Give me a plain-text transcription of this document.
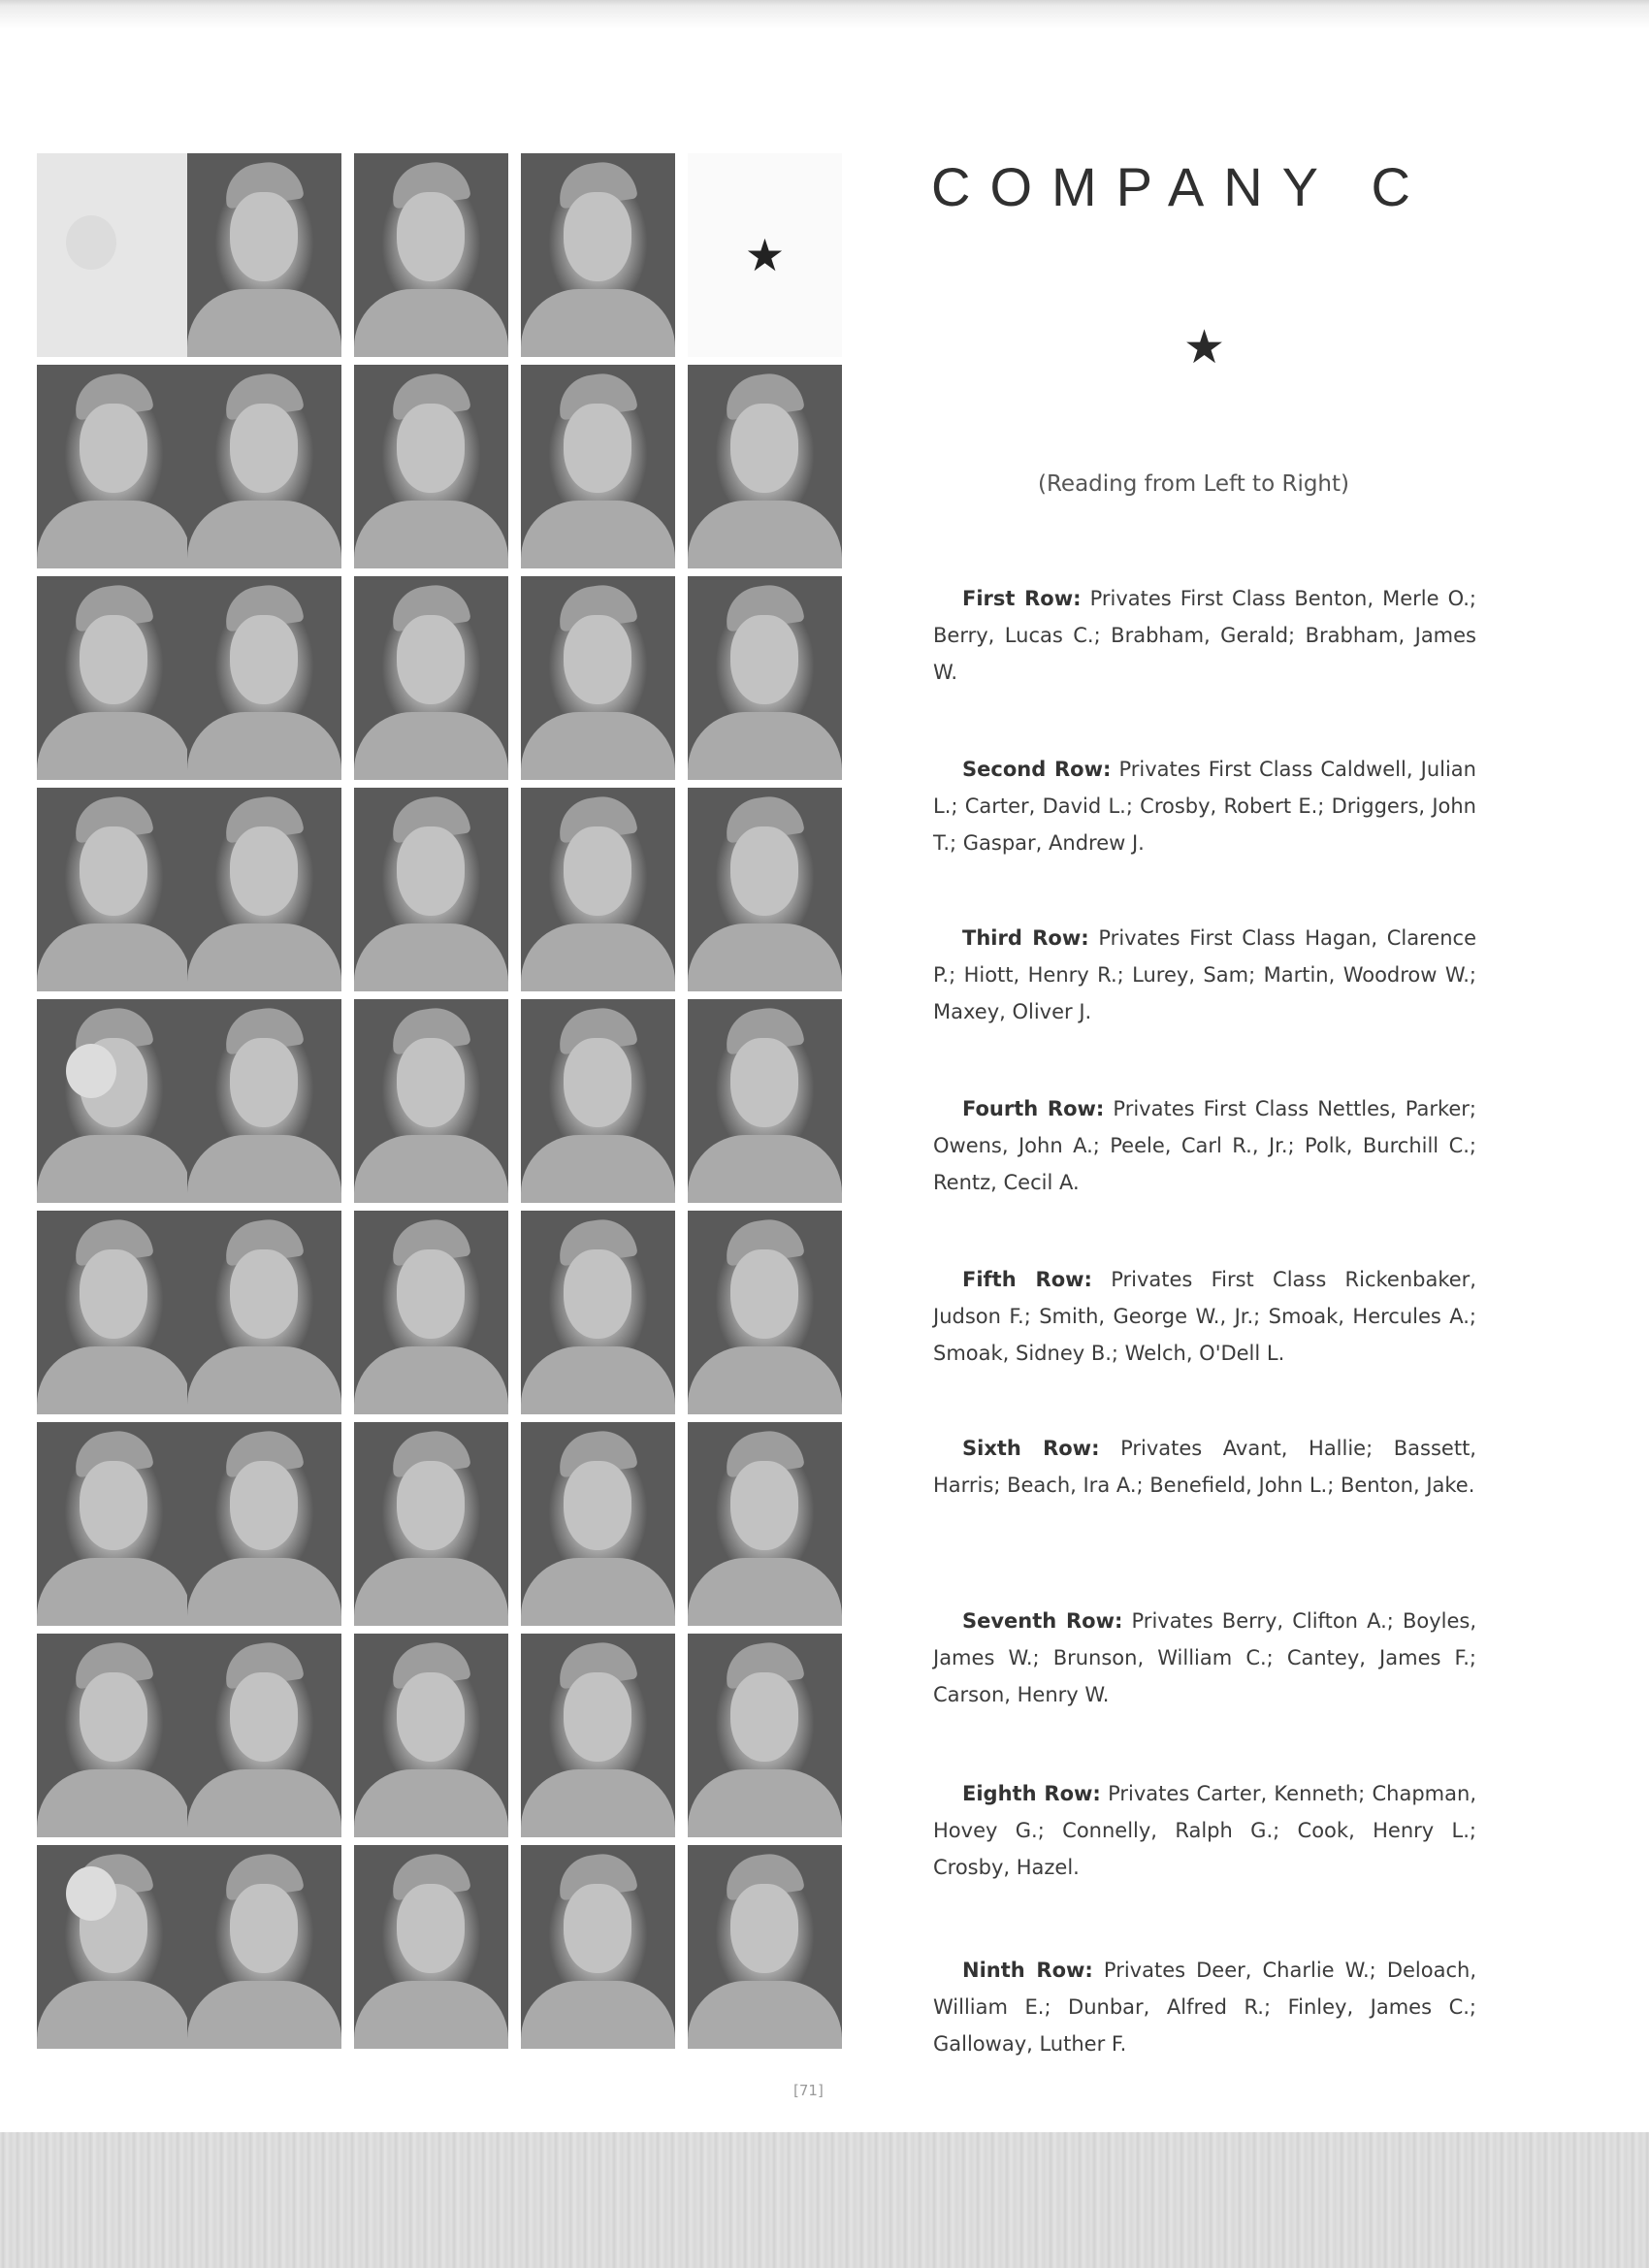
★
COMPANY C
★
(Reading from Left to Right)
First Row: Privates First Class Benton, Merle O.; Berry, Lucas C.; Brabham, Gerald; Brabham, James W.
Second Row: Privates First Class Caldwell, Julian L.; Carter, David L.; Crosby, Robert E.; Driggers, John T.; Gaspar, Andrew J.
Third Row: Privates First Class Hagan, Clarence P.; Hiott, Henry R.; Lurey, Sam; Martin, Woodrow W.; Maxey, Oliver J.
Fourth Row: Privates First Class Nettles, Parker; Owens, John A.; Peele, Carl R., Jr.; Polk, Burchill C.; Rentz, Cecil A.
Fifth Row: Privates First Class Rickenbaker, Judson F.; Smith, George W., Jr.; Smoak, Hercules A.; Smoak, Sidney B.; Welch, O'Dell L.
Sixth Row: Privates Avant, Hallie; Bassett, Harris; Beach, Ira A.; Benefield, John L.; Benton, Jake.
Seventh Row: Privates Berry, Clifton A.; Boyles, James W.; Brunson, William C.; Cantey, James F.; Carson, Henry W.
Eighth Row: Privates Carter, Kenneth; Chapman, Hovey G.; Connelly, Ralph G.; Cook, Henry L.; Crosby, Hazel.
Ninth Row: Privates Deer, Charlie W.; Deloach, William E.; Dunbar, Alfred R.; Finley, James C.; Galloway, Luther F.
[71]
